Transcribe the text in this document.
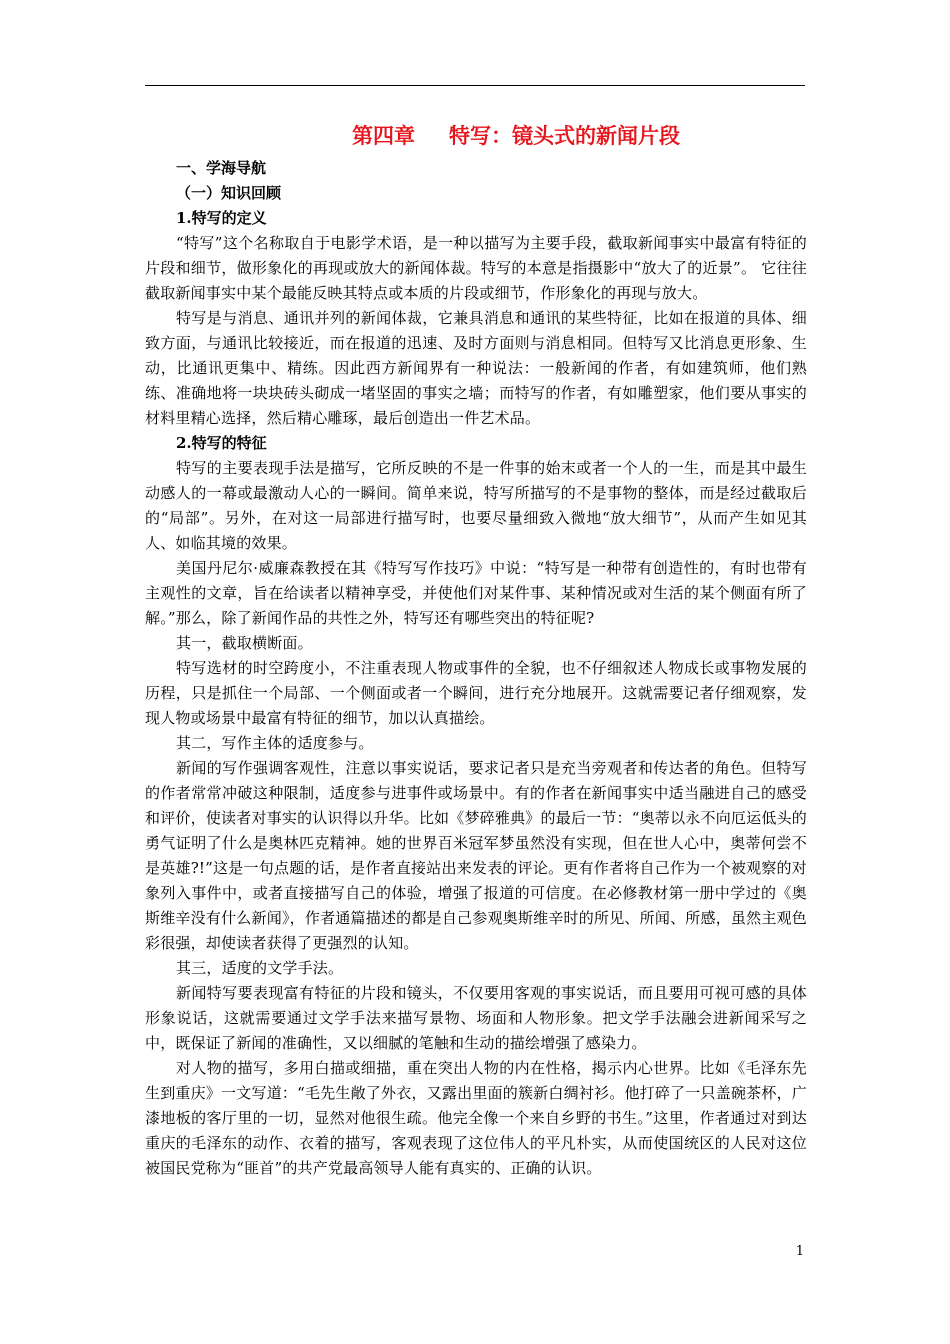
第四章 特写：镜头式的新闻片段

一、学海导航

（一）知识回顾

1.特写的定义

“特写”这个名称取自于电影学术语，是一种以描写为主要手段，截取新闻事实中最富有特征的片段和细节，做形象化的再现或放大的新闻体裁。特写的本意是指摄影中“放大了的近景”。 它往往截取新闻事实中某个最能反映其特点或本质的片段或细节，作形象化的再现与放大。

特写是与消息、通讯并列的新闻体裁，它兼具消息和通讯的某些特征，比如在报道的具体、细致方面，与通讯比较接近，而在报道的迅速、及时方面则与消息相同。但特写又比消息更形象、生动，比通讯更集中、精练。因此西方新闻界有一种说法：一般新闻的作者，有如建筑师，他们熟练、准确地将一块块砖头砌成一堵坚固的事实之墙；而特写的作者，有如雕塑家，他们要从事实的材料里精心选择，然后精心雕琢，最后创造出一件艺术品。

2.特写的特征

特写的主要表现手法是描写，它所反映的不是一件事的始末或者一个人的一生，而是其中最生动感人的一幕或最激动人心的一瞬间。简单来说，特写所描写的不是事物的整体，而是经过截取后的“局部”。另外，在对这一局部进行描写时，也要尽量细致入微地“放大细节”，从而产生如见其人、如临其境的效果。

美国丹尼尔·威廉森教授在其《特写写作技巧》中说：“特写是一种带有创造性的，有时也带有主观性的文章，旨在给读者以精神享受，并使他们对某件事、某种情况或对生活的某个侧面有所了解。”那么，除了新闻作品的共性之外，特写还有哪些突出的特征呢?

其一，截取横断面。

特写选材的时空跨度小，不注重表现人物或事件的全貌，也不仔细叙述人物成长或事物发展的历程，只是抓住一个局部、一个侧面或者一个瞬间，进行充分地展开。这就需要记者仔细观察，发现人物或场景中最富有特征的细节，加以认真描绘。

其二，写作主体的适度参与。

新闻的写作强调客观性，注意以事实说话，要求记者只是充当旁观者和传达者的角色。但特写的作者常常冲破这种限制，适度参与进事件或场景中。有的作者在新闻事实中适当融进自己的感受和评价，使读者对事实的认识得以升华。比如《梦碎雅典》的最后一节：“奥蒂以永不向厄运低头的勇气证明了什么是奥林匹克精神。她的世界百米冠军梦虽然没有实现，但在世人心中，奥蒂何尝不是英雄?!”这是一句点题的话，是作者直接站出来发表的评论。更有作者将自己作为一个被观察的对象列入事件中，或者直接描写自己的体验，增强了报道的可信度。在必修教材第一册中学过的《奥斯维辛没有什么新闻》，作者通篇描述的都是自己参观奥斯维辛时的所见、所闻、所感，虽然主观色彩很强，却使读者获得了更强烈的认知。

其三，适度的文学手法。

新闻特写要表现富有特征的片段和镜头，不仅要用客观的事实说话，而且要用可视可感的具体形象说话，这就需要通过文学手法来描写景物、场面和人物形象。把文学手法融会进新闻采写之中，既保证了新闻的准确性，又以细腻的笔触和生动的描绘增强了感染力。

对人物的描写，多用白描或细描，重在突出人物的内在性格，揭示内心世界。比如《毛泽东先生到重庆》一文写道：“毛先生敞了外衣，又露出里面的簇新白绸衬衫。他打碎了一只盖碗茶杯，广漆地板的客厅里的一切，显然对他很生疏。他完全像一个来自乡野的书生。”这里，作者通过对到达重庆的毛泽东的动作、衣着的描写，客观表现了这位伟人的平凡朴实，从而使国统区的人民对这位被国民党称为“匪首”的共产党最高领导人能有真实的、正确的认识。

1
